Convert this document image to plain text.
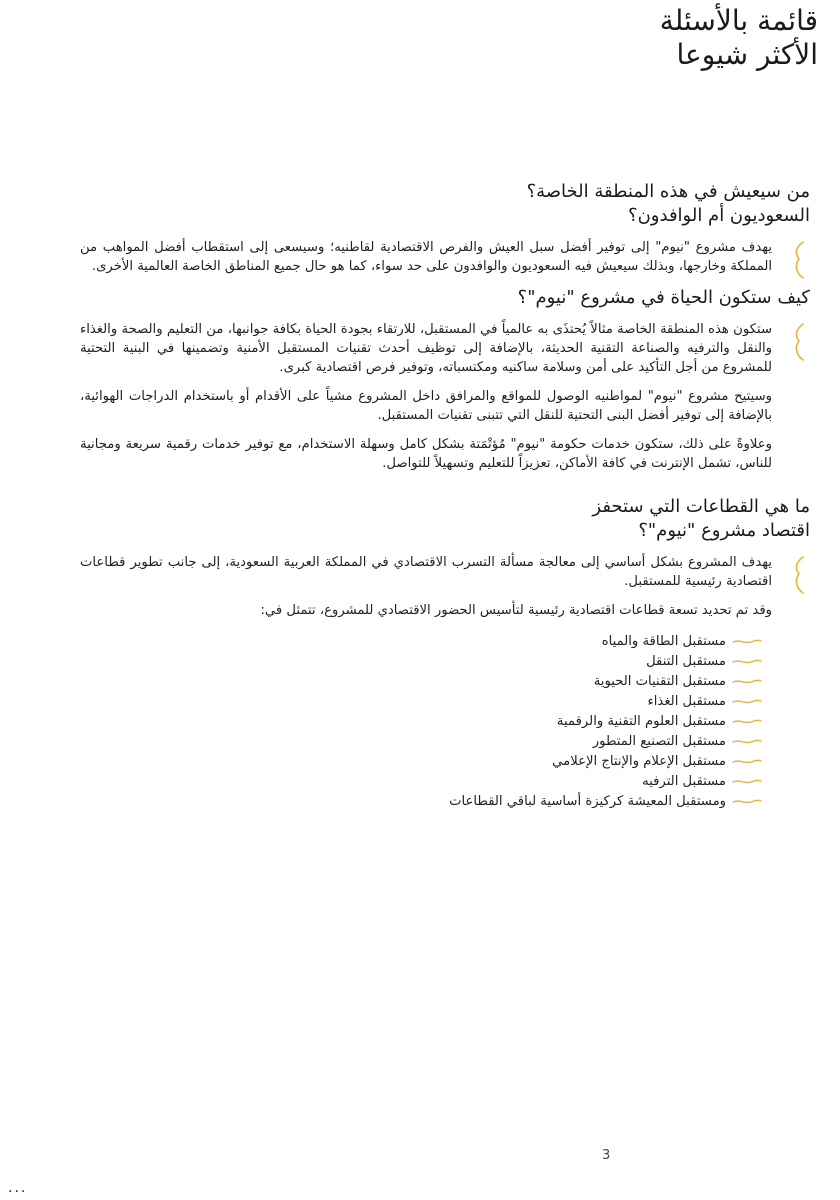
قائمة بالأسئلة
الأكثر شيوعا
من سيعيش في هذه المنطقة الخاصة؟
السعوديون أم الوافدون؟

يهدف مشروع "نيوم" إلى توفير أفضل سبل العيش والفرص الاقتصادية لقاطنيه؛ وسيسعى إلى استقطاب أفضل المواهب من المملكة وخارجها، وبذلك سيعيش فيه السعوديون والوافدون على حد سواء، كما هو حال جميع المناطق الخاصة العالمية الأخرى.

كيف ستكون الحياة في مشروع "نيوم"؟

ستكون هذه المنطقة الخاصة مثالاً يُحتذَى به عالمياً في المستقبل، للارتقاء بجودة الحياة بكافة جوانبها، من التعليم والصحة والغذاء والنقل والترفيه والصناعة التقنية الحديثة، بالإضافة إلى توظيف أحدث تقنيات المستقبل الأمنية وتضمينها في البنية التحتية للمشروع من أجل التأكيد على أمن وسلامة ساكنيه ومكتسباته، وتوفير فرص اقتصادية كبرى.

وسيتيح مشروع "نيوم" لمواطنيه الوصول للمواقع والمرافق داخل المشروع مشياً على الأقدام أو باستخدام الدراجات الهوائية، بالإضافة إلى توفير أفضل البنى التحتية للنقل التي تتبنى تقنيات المستقبل.

وعلاوةً على ذلك، ستكون خدمات حكومة "نيوم" مُؤتْمَتة بشكل كامل وسهلة الاستخدام، مع توفير خدمات رقمية سريعة ومجانية للناس، تشمل الإنترنت في كافة الأماكن، تعزيزاً للتعليم وتسهيلاً للتواصل.

ما هي القطاعات التي ستحفز
اقتصاد مشروع "نيوم"؟

يهدف المشروع بشكل أساسي إلى معالجة مسألة التسرب الاقتصادي في المملكة العربية السعودية، إلى جانب تطوير قطاعات اقتصادية رئيسية للمستقبل.

وقد تم تحديد تسعة قطاعات اقتصادية رئيسية لتأسيس الحضور الاقتصادي للمشروع، تتمثل في:

مستقبل الطاقة والمياه
مستقبل التنقل
مستقبل التقنيات الحيوية
مستقبل الغذاء
مستقبل العلوم التقنية والرقمية
مستقبل التصنيع المتطور
مستقبل الإعلام والإنتاج الإعلامي
مستقبل الترفيه
ومستقبل المعيشة كركيزة أساسية لباقي القطاعات
3
...
